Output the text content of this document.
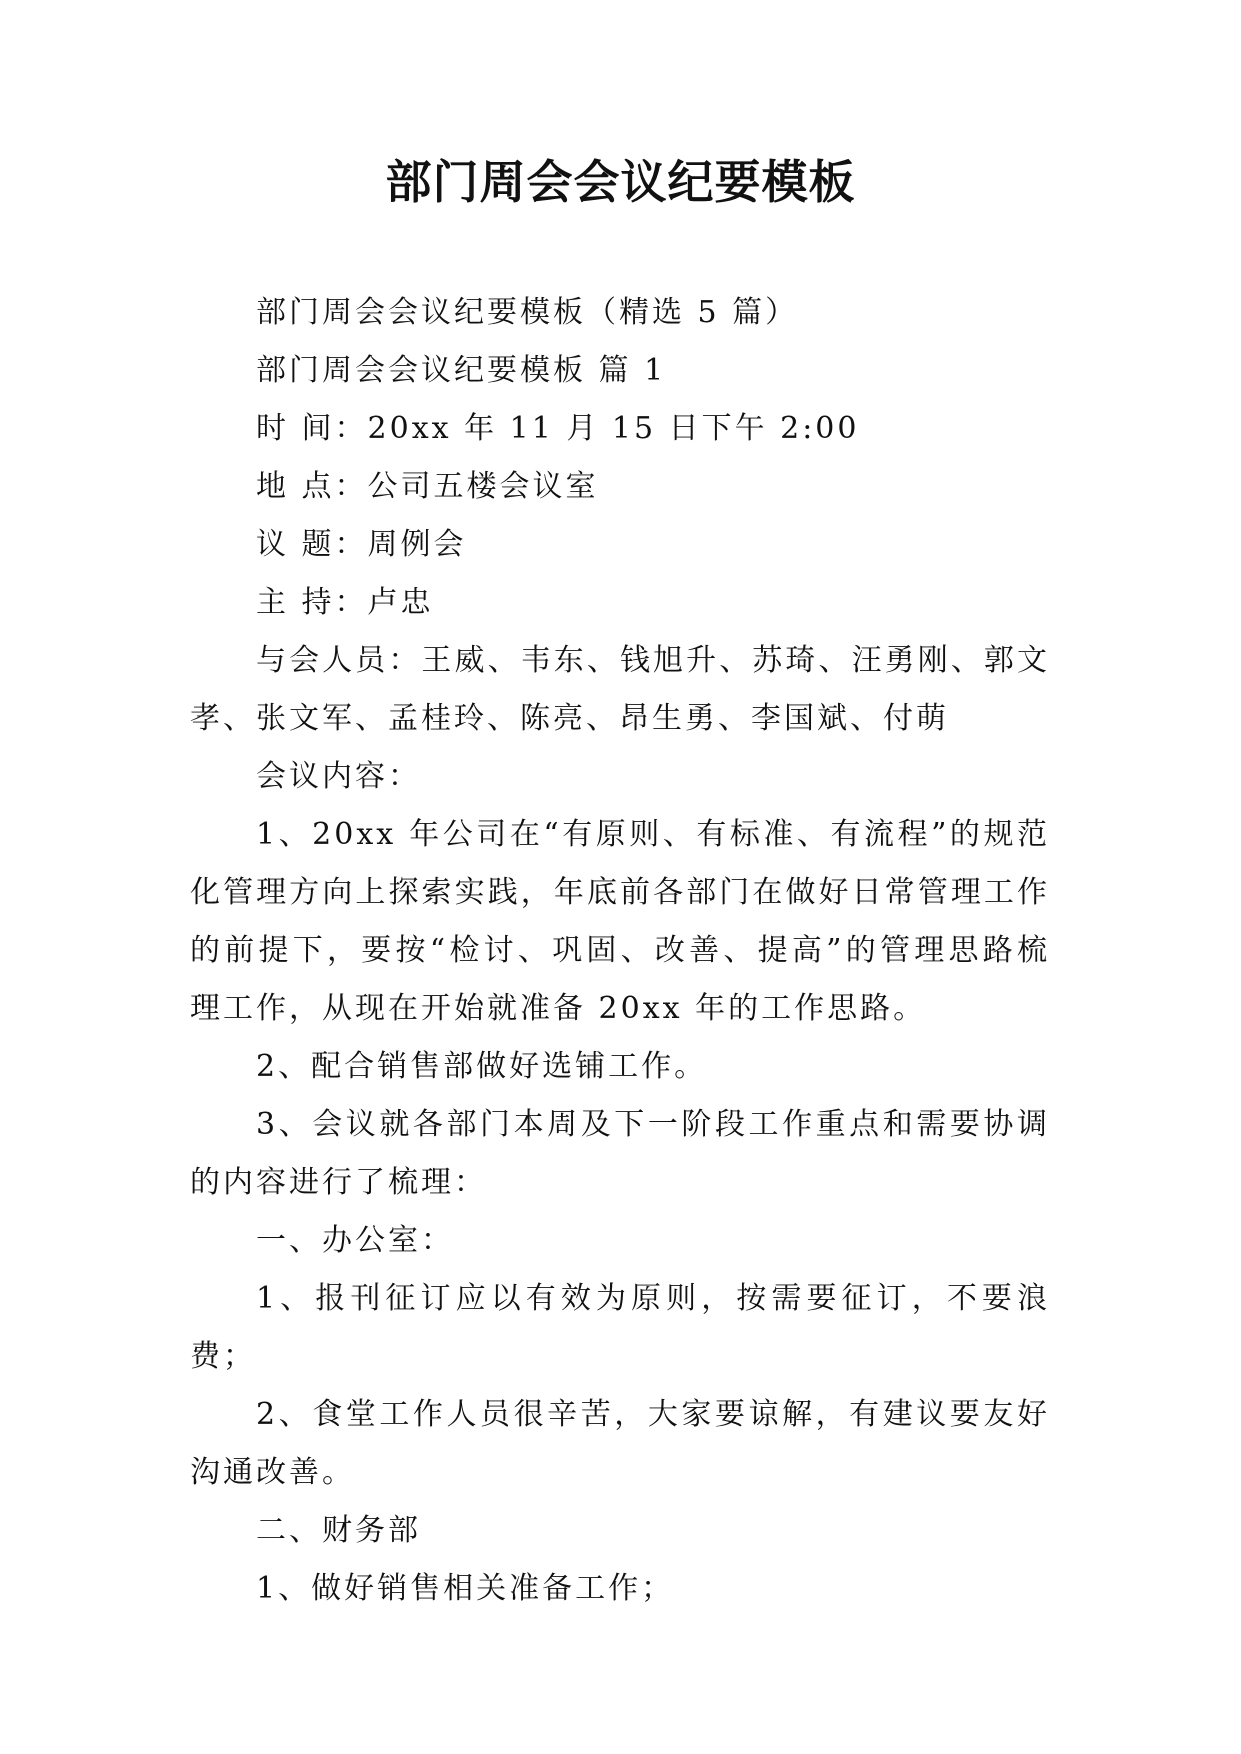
部门周会会议纪要模板

部门周会会议纪要模板（精选 5 篇）

部门周会会议纪要模板 篇 1

时 间：20xx 年 11 月 15 日下午 2:00

地 点：公司五楼会议室

议 题：周例会

主 持：卢忠

与会人员：王威、韦东、钱旭升、苏琦、汪勇刚、郭文孝、张文军、孟桂玲、陈亮、昂生勇、李国斌、付萌

会议内容：

1、20xx 年公司在“有原则、有标准、有流程”的规范化管理方向上探索实践，年底前各部门在做好日常管理工作的前提下，要按“检讨、巩固、改善、提高”的管理思路梳理工作，从现在开始就准备 20xx 年的工作思路。

2、配合销售部做好选铺工作。

3、会议就各部门本周及下一阶段工作重点和需要协调的内容进行了梳理：

一、办公室：

1、报刊征订应以有效为原则，按需要征订，不要浪费；

2、食堂工作人员很辛苦，大家要谅解，有建议要友好沟通改善。

二、财务部

1、做好销售相关准备工作；
